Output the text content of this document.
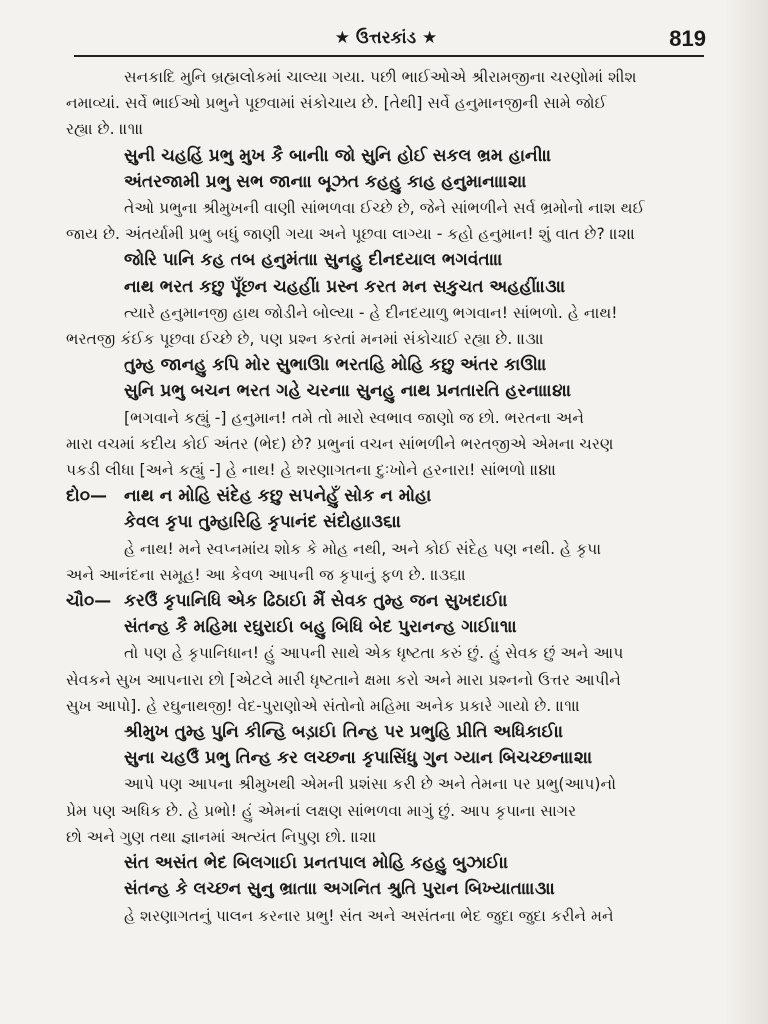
★ ઉત્તરકાંડ ★	819
સનકાદિ મુનિ બ્રહ્મલોકમાં ચાલ્યા ગયા. પછી ભાઈઓએ શ્રીરામજીના ચરણોમાં શીશ
નમાવ્યાં. સર્વે ભાઈઓ પ્રભુને પૂછવામાં સંકોચાય છે. [તેથી] સર્વે હનુમાનજીની સામે જોઈ
રહ્યા છે. ॥૧॥
સુની ચહહિં પ્રભુ મુખ કૈ બાની। જો સુનિ હોઈ સકલ ભ્રમ હાની॥
અંતરજામી પ્રભુ સભ જાના। બૂઝત કહહુ કાહ હનુમાના॥૨॥
તેઓ પ્રભુના શ્રીમુખની વાણી સાંભળવા ઈચ્છે છે, જેને સાંભળીને સર્વ ભ્રમોનો નાશ થઈ
જાય છે. અંતર્યામી પ્રભુ બધું જાણી ગયા અને પૂછવા લાગ્યા - કહો હનુમાન! શું વાત છે? ॥૨॥
જોરિ પાનિ કહ તબ હનુમંતા। સુનહુ દીનદયાલ ભગવંતા॥
નાથ ભરત કછુ પૂઁછન ચહહીં। પ્રસ્ન કરત મન સકુચત અહહીં॥૩॥
ત્યારે હનુમાનજી હાથ જોડીને બોલ્યા - હે દીનદયાળુ ભગવાન! સાંભળો. હે નાથ!
ભરતજી કંઈક પૂછવા ઈચ્છે છે, પણ પ્રશ્ન કરતાં મનમાં સંકોચાઈ રહ્યા છે. ॥૩॥
તુમ્હ જાનહુ કપિ મોર સુભાઊ। ભરતહિ મોહિ કછુ અંતર કાઊ॥
સુનિ પ્રભુ બચન ભરત ગહે ચરના। સુનહુ નાથ પ્રનતારતિ હરના॥૪॥
[ભગવાને કહ્યું -] હનુમાન! તમે તો મારો સ્વભાવ જાણો જ છો. ભરતના અને
મારા વચમાં કદીય કોઈ અંતર (ભેદ) છે? પ્રભુનાં વચન સાંભળીને ભરતજીએ એમના ચરણ
પકડી લીધા [અને કહ્યું -] હે નાથ! હે શરણાગતના દુઃખોને હરનારા! સાંભળો ॥૪॥
દો૦— નાથ ન મોહિ સંદેહ કછુ સપનેહુઁ સોક ન મોહ।
કેવલ કૃપા તુમ્હારિહિ કૃપાનંદ સંદોહ॥૩૬॥
હે નાથ! મને સ્વપ્નમાંય શોક કે મોહ નથી, અને કોઈ સંદેહ પણ નથી. હે કૃપા
અને આનંદના સમૂહ! આ કેવળ આપની જ કૃપાનું ફળ છે. ॥૩૬॥
ચૌ૦— કરઉઁ કૃપાનિધિ એક ઢિઠાઈ। મૈં સેવક તુમ્હ જન સુખદાઈ॥
સંતન્હ કૈ મહિમા રઘુરાઈ। બહુ બિધિ બેદ પુરાનન્હ ગાઈ॥૧॥
તો પણ હે કૃપાનિધાન! હું આપની સાથે એક ધૃષ્ટતા કરું છું. હું સેવક છું અને આપ
સેવકને સુખ આપનારા છો [એટલે મારી ધૃષ્ટતાને ક્ષમા કરો અને મારા પ્રશ્નનો ઉત્તર આપીને
સુખ આપો]. હે રઘુનાથજી! વેદ-પુરાણોએ સંતોનો મહિમા અનેક પ્રકારે ગાયો છે. ॥૧॥
શ્રીમુખ તુમ્હ પુનિ કીન્હિ બડ઼ાઈ। તિન્હ પર પ્રભુહિ પ્રીતિ અધિકાઈ॥
સુના ચહઉઁ પ્રભુ તિન્હ કર લચ્છન। કૃપાસિંધુ ગુન ગ્યાન બિચચ્છન॥૨॥
આપે પણ આપના શ્રીમુખથી એમની પ્રશંસા કરી છે અને તેમના પર પ્રભુ(આપ)નો
પ્રેમ પણ અધિક છે. હે પ્રભો! હું એમનાં લક્ષણ સાંભળવા માગું છું. આપ કૃપાના સાગર
છો અને ગુણ તથા જ્ઞાનમાં અત્યંત નિપુણ છો. ॥૨॥
સંત અસંત ભેદ બિલગાઈ। પ્રનતપાલ મોહિ કહહુ બુઝાઈ॥
સંતન્હ કે લચ્છન સુનુ ભ્રાતા। અગનિત શ્રુતિ પુરાન બિખ્યાતા॥૩॥
હે શરણાગતનું પાલન કરનાર પ્રભુ! સંત અને અસંતના ભેદ જુદા જુદા કરીને મને
